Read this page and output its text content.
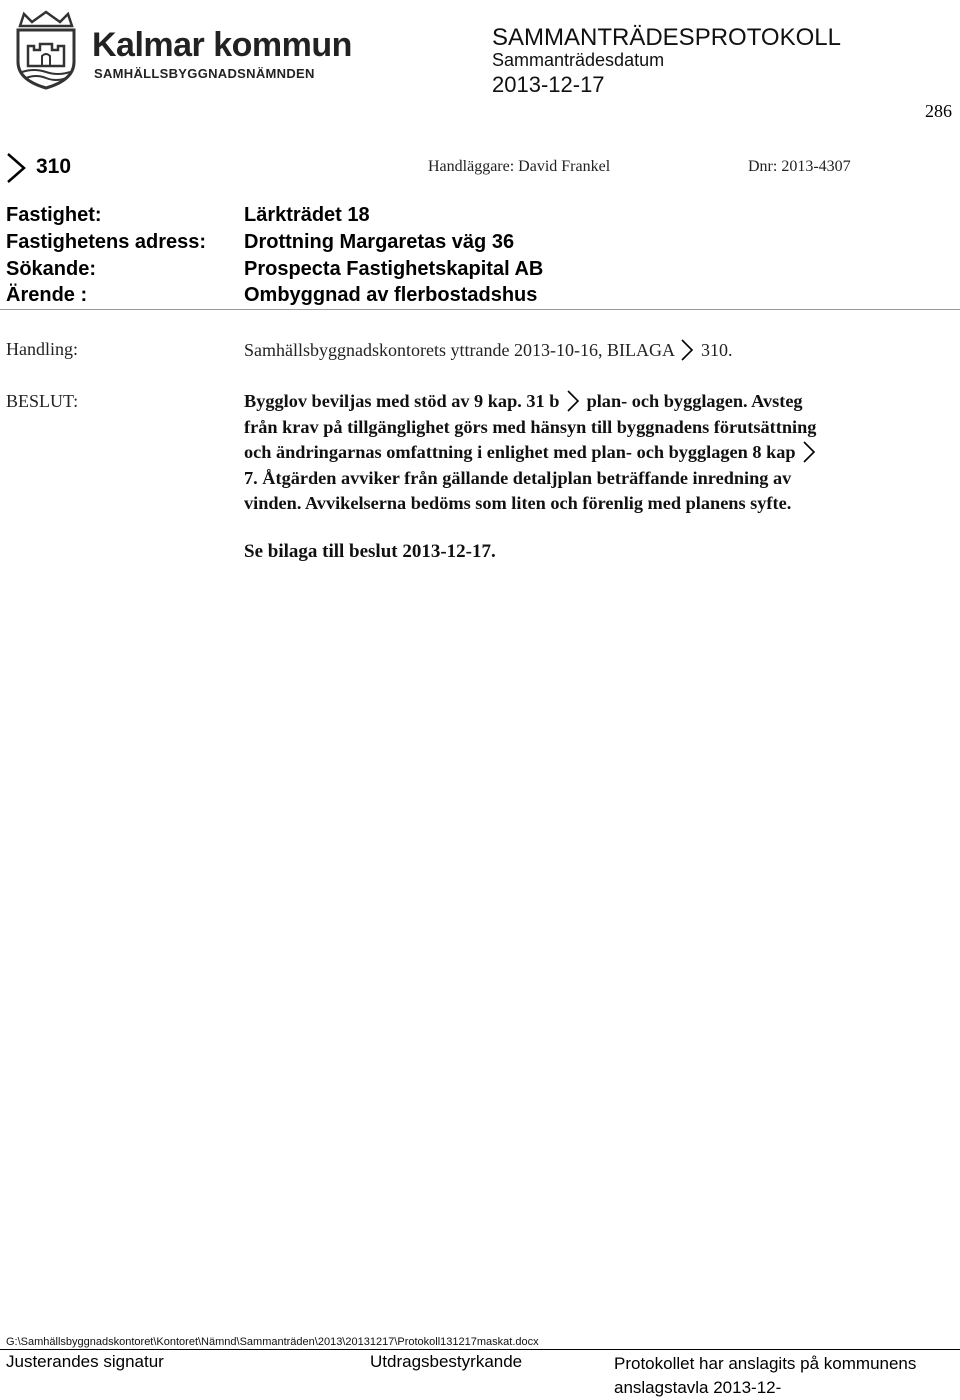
Kalmar kommun
SAMHÄLLSBYGGNADSNÄMNDEN
SAMMANTRÄDESPROTOKOLL
Sammanträdesdatum
2013-12-17
286
310	Handläggare: David Frankel	Dnr: 2013-4307
Fastighet:	Lärkträdet 18
Fastighetens adress: Drottning Margaretas väg 36
Sökande:	Prospecta Fastighetskapital AB
Ärende :	Ombyggnad av flerbostadshus
Handling:	Samhällsbyggnadskontorets yttrande 2013-10-16, BILAGA 310.
BESLUT:	Bygglov beviljas med stöd av 9 kap. 31 b plan- och bygglagen. Avsteg
från krav på tillgänglighet görs med hänsyn till byggnadens förutsättning
och ändringarnas omfattning i enlighet med plan- och bygglagen 8 kap
7. Åtgärden avviker från gällande detaljplan beträffande inredning av
vinden. Avvikelserna bedöms som liten och förenlig med planens syfte.
Se bilaga till beslut 2013-12-17.
G:\Samhällsbyggnadskontoret\Kontoret\Nämnd\Sammanträden\2013\20131217\Protokoll131217maskat.docx
Justerandes signatur	Utdragsbestyrkande	Protokollet har anslagits på kommunens anslagstavla 2013-12-
